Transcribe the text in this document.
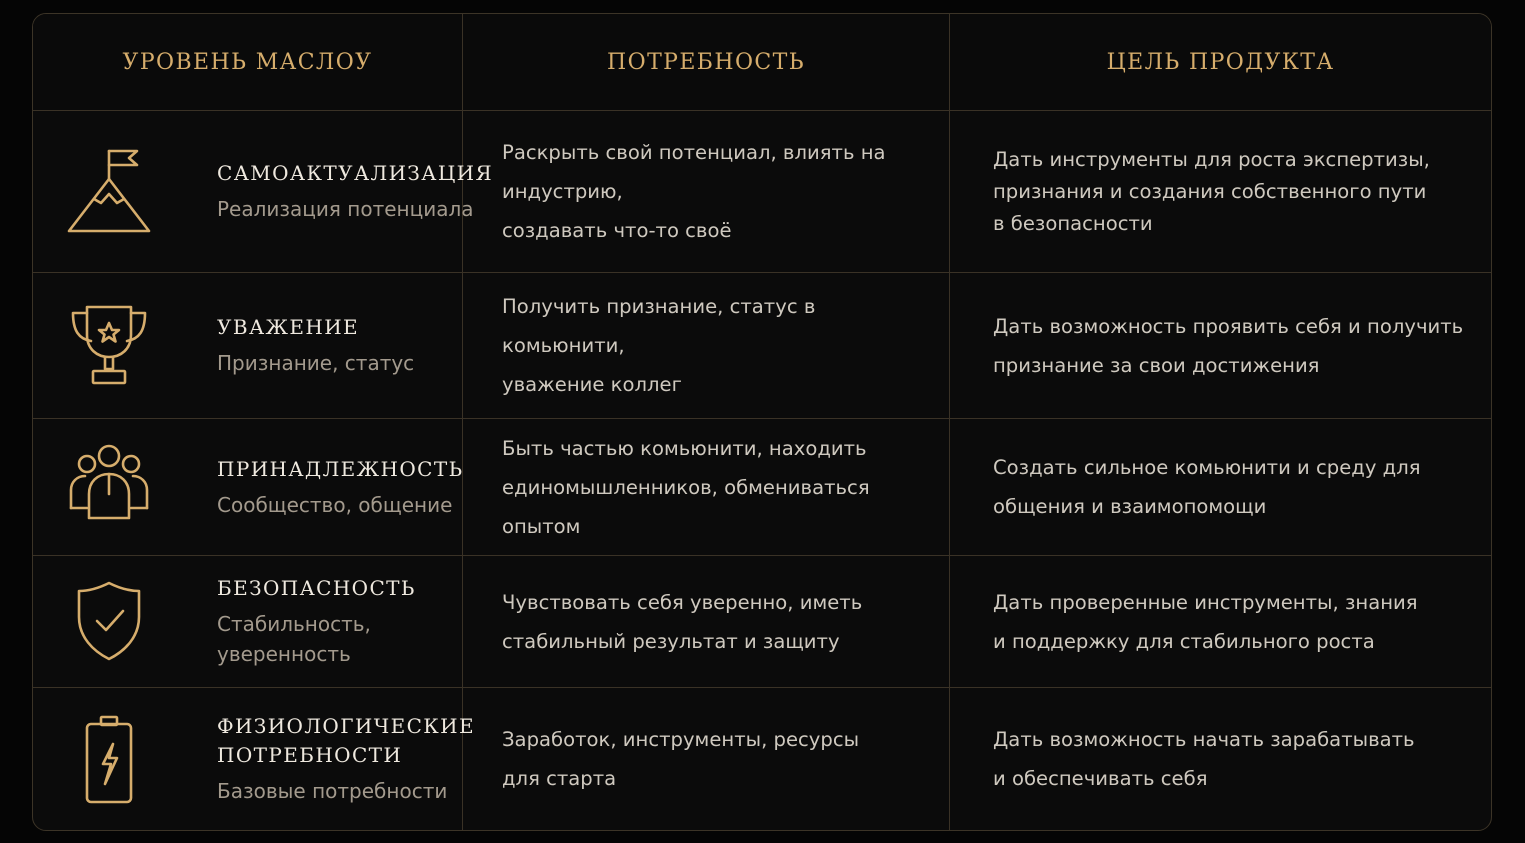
УРОВЕНЬ МАСЛОУ	ПОТРЕБНОСТЬ	ЦЕЛЬ ПРОДУКТА
САМОАКТУАЛИЗАЦИЯ
Реализация потенциала
Раскрыть свой потенциал, влиять на индустрию,
создавать что-то своё
Дать инструменты для роста экспертизы,
признания и создания собственного пути
в безопасности
УВАЖЕНИЕ
Признание, статус
Получить признание, статус в комьюнити,
уважение коллег
Дать возможность проявить себя и получить
признание за свои достижения
ПРИНАДЛЕЖНОСТЬ
Сообщество, общение
Быть частью комьюнити, находить
единомышленников, обмениваться опытом
Создать сильное комьюнити и среду для
общения и взаимопомощи
БЕЗОПАСНОСТЬ
Стабильность, уверенность
Чувствовать себя уверенно, иметь
стабильный результат и защиту
Дать проверенные инструменты, знания
и поддержку для стабильного роста
ФИЗИОЛОГИЧЕСКИЕ
ПОТРЕБНОСТИ
Базовые потребности
Заработок, инструменты, ресурсы
для старта
Дать возможность начать зарабатывать
и обеспечивать себя
